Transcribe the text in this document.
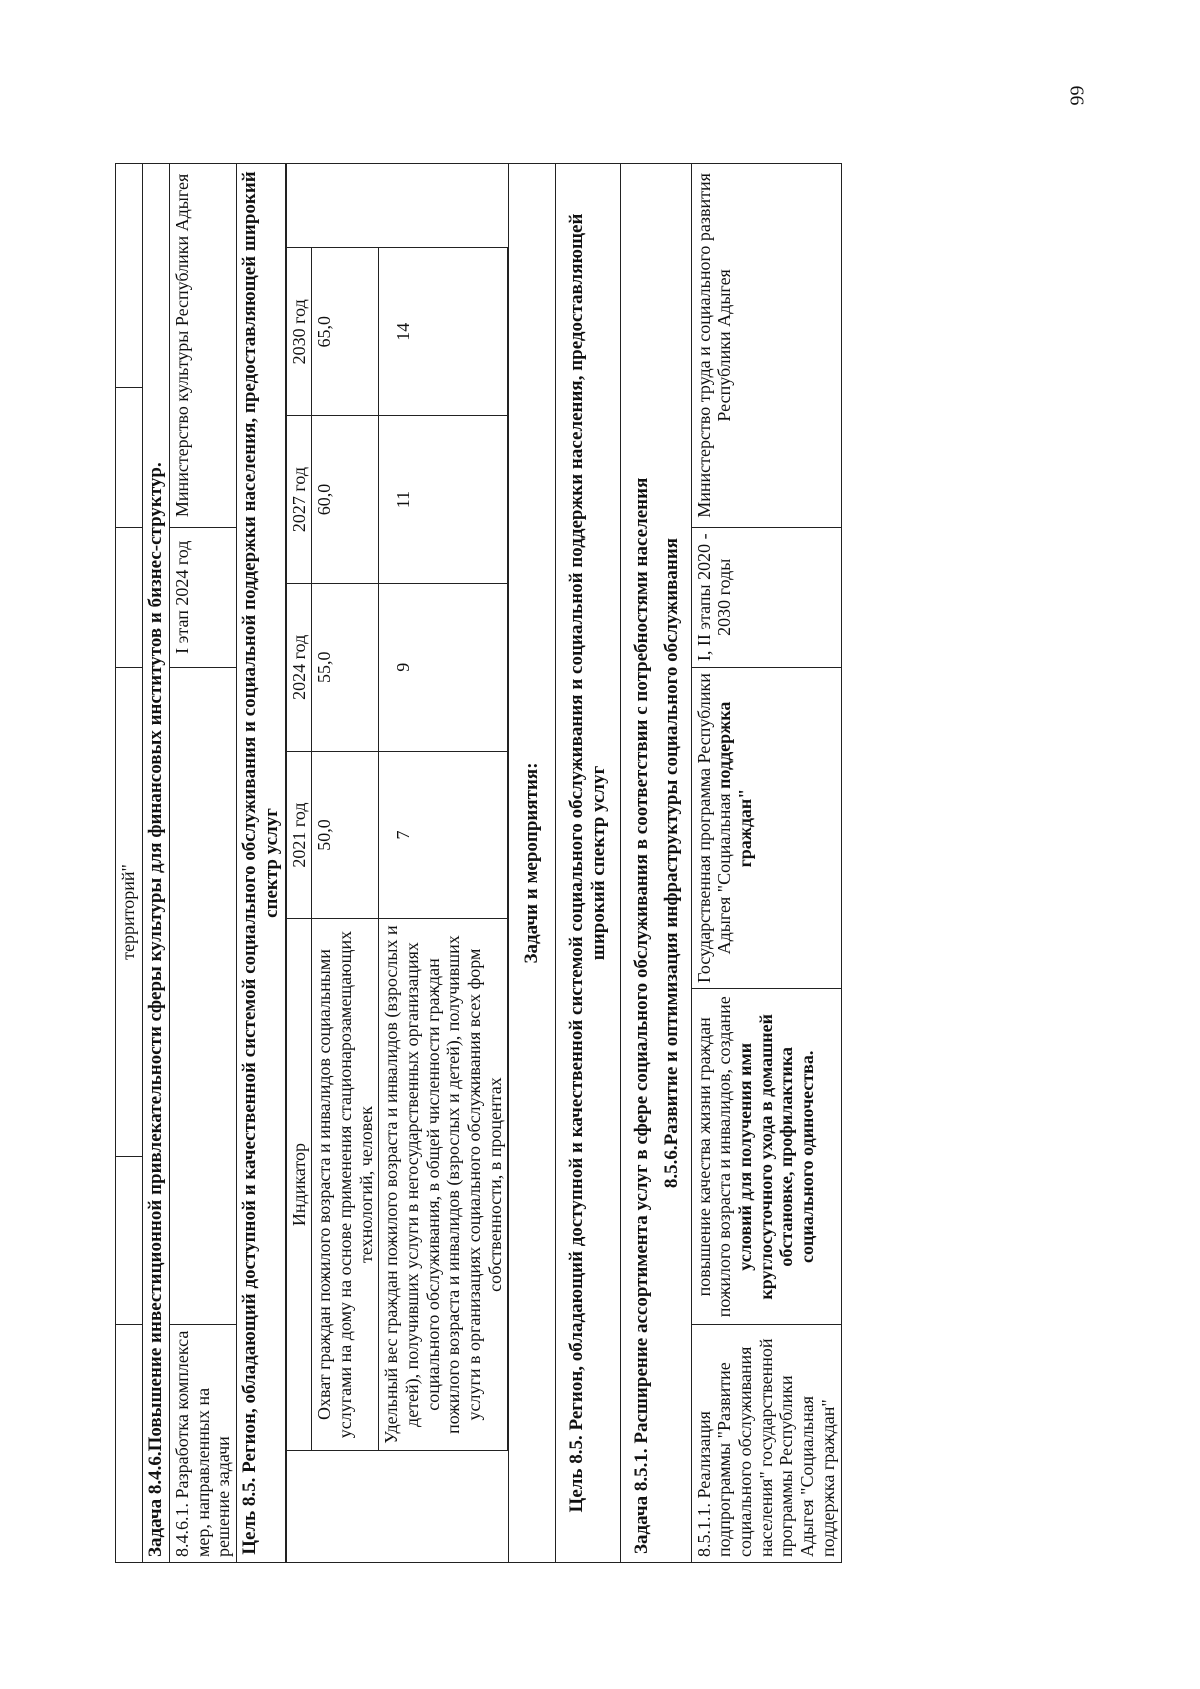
66
		территорий"			
Задача 8.4.6.Повышение инвестиционной привлекательности сферы культуры для финансовых институтов и бизнес-структур.
8.4.6.1. Разработка комплекса мер, направленных на решение задачи		I этап 2024 год	Министерство культуры Республики Адыгея
Цель 8.5. Регион, обладающий доступной и качественной системой социального обслуживания и социальной поддержки населения, предоставляющей широкий спектр услуг

	Индикатор	2021 год	2024 год	2027 год	2030 год	
Охват граждан пожилого возраста и инвалидов социальными услугами на дому на основе применения стационарозамещающих технологий, человек	50,0	55,0	60,0	65,0
Удельный вес граждан пожилого возраста и инвалидов (взрослых и детей), получивших услуги в негосударственных организациях социального обслуживания, в общей численности граждан пожилого возраста и инвалидов (взрослых и детей), получивших услуги в организациях социального обслуживания всех форм собственности, в процентах	7	9	11	14

Задачи и мероприятия:
Цель 8.5. Регион, обладающий доступной и качественной системой социального обслуживания и социальной поддержки населения, предоставляющей широкий спектр услуг
Задача 8.5.1. Расширение ассортимента услуг в сфере социального обслуживания в соответствии с потребностями населения
8.5.6.Развитие и оптимизация инфраструктуры социального обслуживания
8.5.1.1. Реализация подпрограммы "Развитие социального обслуживания населения" государственной программы Республики Адыгея "Социальная поддержка граждан"	повышение качества жизни граждан пожилого возраста и инвалидов, создание условий для получения ими круглосуточного ухода в домашней обстановке, профилактика социального одиночества.	Государственная программа Республики Адыгея "Социальная поддержка граждан"	I, II этапы 2020 - 2030 годы	Министерство труда и социального развития Республики Адыгея
